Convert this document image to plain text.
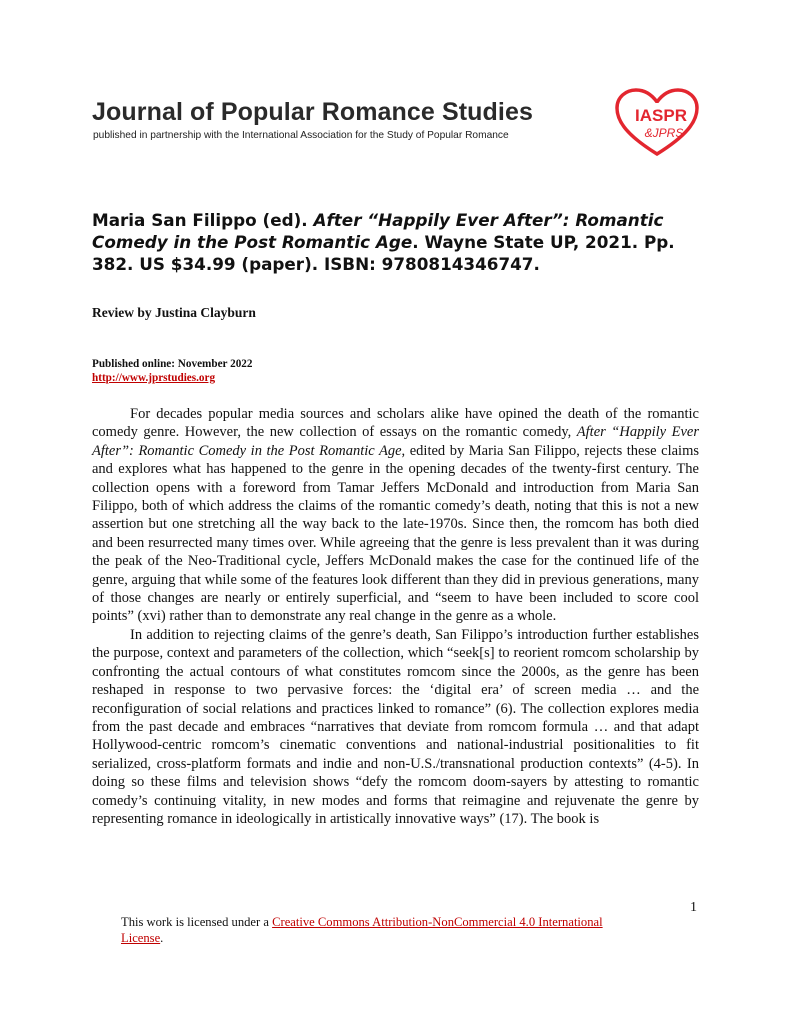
Journal of Popular Romance Studies
published in partnership with the International Association for the Study of Popular Romance
IASPR
&JPRS
Maria San Filippo (ed). After “Happily Ever After”: Romantic Comedy in the Post Romantic Age. Wayne State UP, 2021. Pp. 382. US $34.99 (paper). ISBN: 9780814346747.
Review by Justina Clayburn
Published online: November 2022
http://www.jprstudies.org

For decades popular media sources and scholars alike have opined the death of the romantic comedy genre. However, the new collection of essays on the romantic comedy, After “Happily Ever After”: Romantic Comedy in the Post Romantic Age, edited by Maria San Filippo, rejects these claims and explores what has happened to the genre in the opening decades of the twenty-first century. The collection opens with a foreword from Tamar Jeffers McDonald and introduction from Maria San Filippo, both of which address the claims of the romantic comedy’s death, noting that this is not a new assertion but one stretching all the way back to the late-1970s. Since then, the romcom has both died and been resurrected many times over. While agreeing that the genre is less prevalent than it was during the peak of the Neo-Traditional cycle, Jeffers McDonald makes the case for the continued life of the genre, arguing that while some of the features look different than they did in previous generations, many of those changes are nearly or entirely superficial, and “seem to have been included to score cool points” (xvi) rather than to demonstrate any real change in the genre as a whole.

In addition to rejecting claims of the genre’s death, San Filippo’s introduction further establishes the purpose, context and parameters of the collection, which “seek[s] to reorient romcom scholarship by confronting the actual contours of what constitutes romcom since the 2000s, as the genre has been reshaped in response to two pervasive forces: the ‘digital era’ of screen media … and the reconfiguration of social relations and practices linked to romance” (6). The collection explores media from the past decade and embraces “narratives that deviate from romcom formula … and that adapt Hollywood-centric romcom’s cinematic conventions and national-industrial positionalities to fit serialized, cross-platform formats and indie and non-U.S./transnational production contexts” (4-5). In doing so these films and television shows “defy the romcom doom-sayers by attesting to romantic comedy’s continuing vitality, in new modes and forms that reimagine and rejuvenate the genre by representing romance in ideologically in artistically innovative ways” (17). The book is

1
This work is licensed under a Creative Commons Attribution-NonCommercial 4.0 International License.
